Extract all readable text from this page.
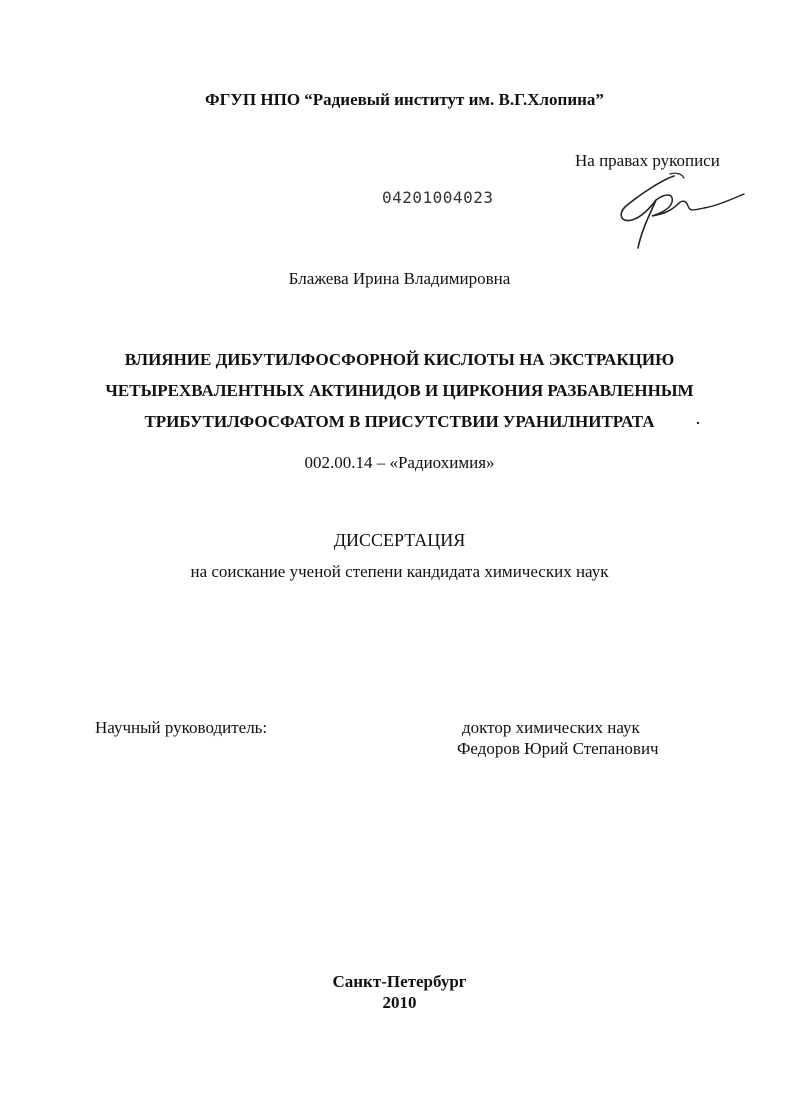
ФГУП НПО “Радиевый институт им. В.Г.Хлопина”
На правах рукописи
04201004023
Блажева Ирина Владимировна
ВЛИЯНИЕ ДИБУТИЛФОСФОРНОЙ КИСЛОТЫ НА ЭКСТРАКЦИЮ
ЧЕТЫРЕХВАЛЕНТНЫХ АКТИНИДОВ И ЦИРКОНИЯ РАЗБАВЛЕННЫМ
ТРИБУТИЛФОСФАТОМ В ПРИСУТСТВИИ УРАНИЛНИТРАТА
002.00.14 – «Радиохимия»
ДИССЕРТАЦИЯ
на соискание ученой степени кандидата химических наук
Научный руководитель:	доктор химических наук
Федоров Юрий Степанович
Санкт-Петербург
2010
